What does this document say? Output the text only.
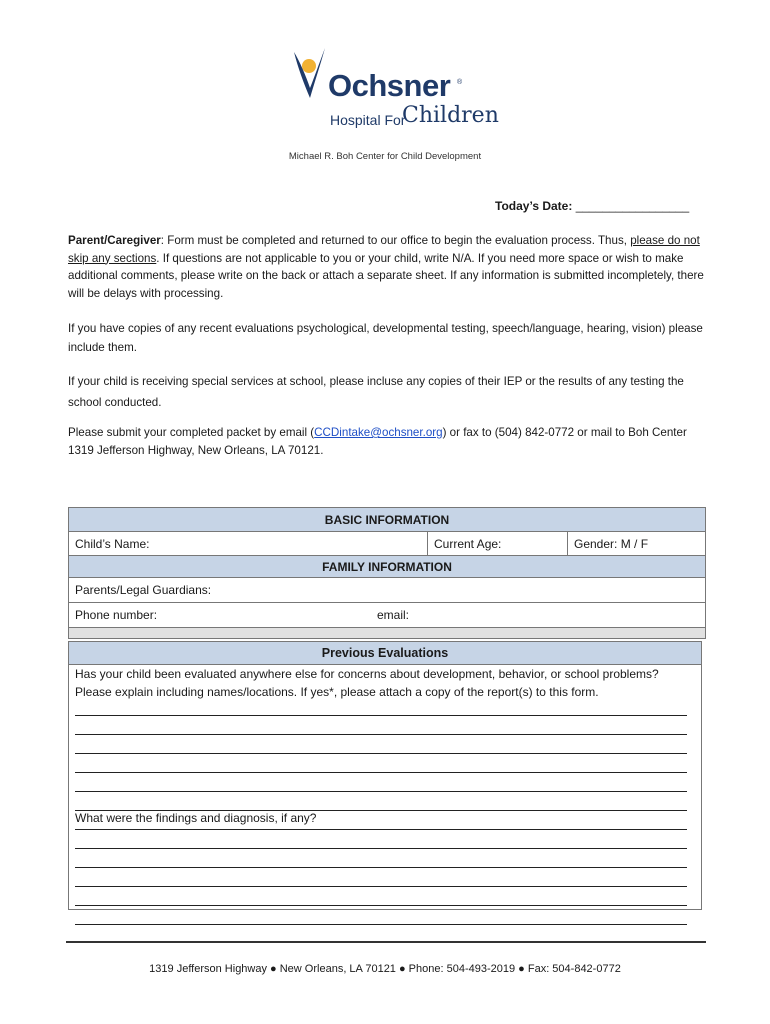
Ochsner ®
Hospital For
Children
Michael R. Boh Center for Child Development
Today’s Date: _________________
Parent/Caregiver: Form must be completed and returned to our office to begin the evaluation process. Thus, please do not skip any sections. If questions are not applicable to you or your child, write N/A. If you need more space or wish to make additional comments, please write on the back or attach a separate sheet. If any information is submitted incompletely, there will be delays with processing.
If you have copies of any recent evaluations psychological, developmental testing, speech/language, hearing, vision) please include them.
If your child is receiving special services at school, please incluse any copies of their IEP or the results of any testing the school conducted.
Please submit your completed packet by email (CCDintake@ochsner.org) or fax to (504) 842-0772 or mail to Boh Center 1319 Jefferson Highway, New Orleans, LA 70121.
BASIC INFORMATION
Child’s Name:	Current Age:	Gender: M / F
FAMILY INFORMATION
Parents/Legal Guardians:
Phone number:	email:
Previous Evaluations
Has your child been evaluated anywhere else for concerns about development, behavior, or school problems? Please explain including names/locations. If yes*, please attach a copy of the report(s) to this form.
What were the findings and diagnosis, if any?
1319 Jefferson Highway ● New Orleans, LA 70121 ● Phone: 504-493-2019 ● Fax: 504-842-0772
